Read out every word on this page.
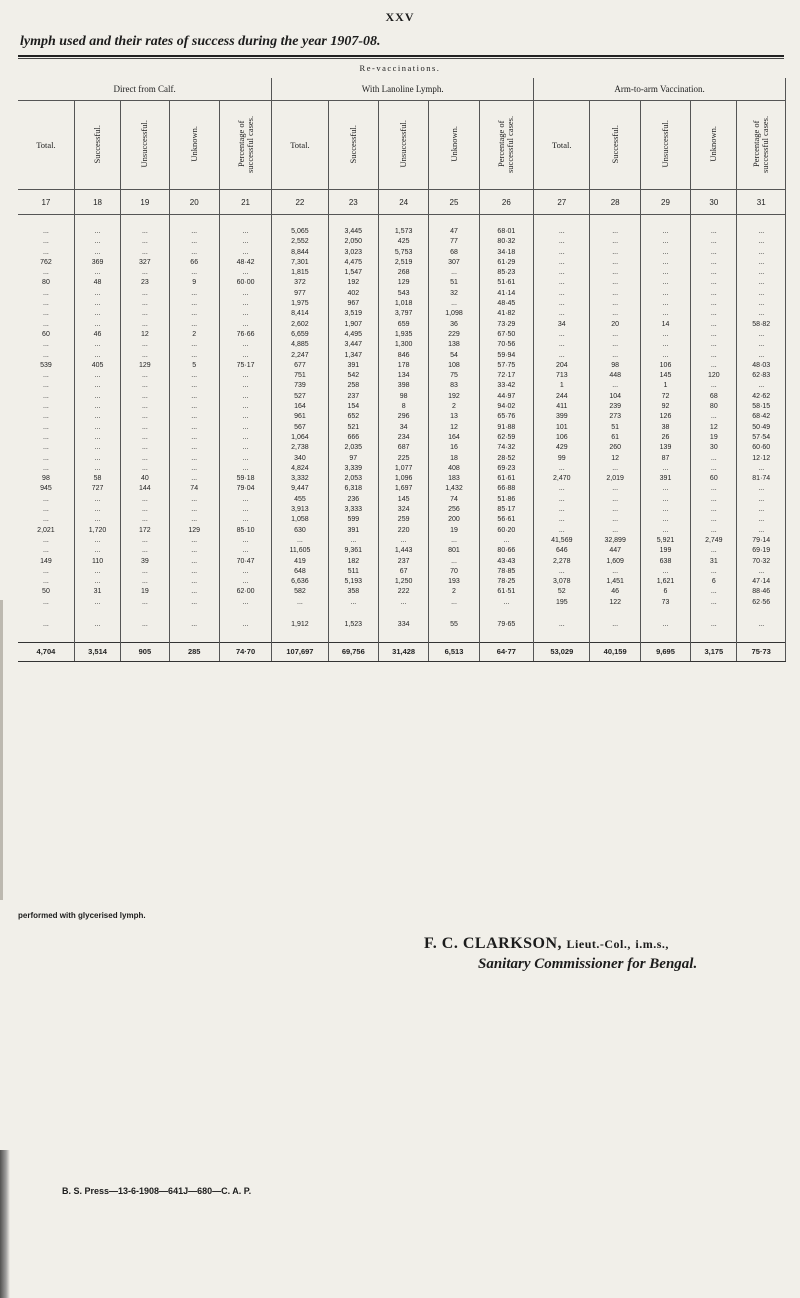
XXV
lymph used and their rates of success during the year 1907-08.
Re-vaccinations.
Direct from Calf.					With Lanoline Lymph.					Arm-to-arm Vaccination.				
Total.	Successful.	Unsuccessful.	Unknown.	Percentage of successful cases.	Total.	Successful.	Unsuccessful.	Unknown.	Percentage of successful cases.	Total.	Successful.	Unsuccessful.	Unknown.	Percentage of successful cases.
17	18	19	20	21	22	23	24	25	26	27	28	29	30	31

...	...	...	...	...	5,065	3,445	1,573	47	68·01	...	...	...	...	...
...	...	...	...	...	2,552	2,050	425	77	80·32	...	...	...	...	...
...	...	...	...	...	8,844	3,023	5,753	68	34·18	...	...	...	...	...
762	369	327	66	48·42	7,301	4,475	2,519	307	61·29	...	...	...	...	...
...	...	...	...	...	1,815	1,547	268	...	85·23	...	...	...	...	...
80	48	23	9	60·00	372	192	129	51	51·61	...	...	...	...	...
...	...	...	...	...	977	402	543	32	41·14	...	...	...	...	...
...	...	...	...	...	1,975	967	1,018	...	48·45	...	...	...	...	...
...	...	...	...	...	8,414	3,519	3,797	1,098	41·82	...	...	...	...	...
...	...	...	...	...	2,602	1,907	659	36	73·29	34	20	14	...	58·82
60	46	12	2	76·66	6,659	4,495	1,935	229	67·50	...	...	...	...	...
...	...	...	...	...	4,885	3,447	1,300	138	70·56	...	...	...	...	...
...	...	...	...	...	2,247	1,347	846	54	59·94	...	...	...	...	...
539	405	129	5	75·17	677	391	178	108	57·75	204	98	106	...	48·03
...	...	...	...	...	751	542	134	75	72·17	713	448	145	120	62·83
...	...	...	...	...	739	258	398	83	33·42	1	...	1	...	...
...	...	...	...	...	527	237	98	192	44·97	244	104	72	68	42·62
...	...	...	...	...	164	154	8	2	94·02	411	239	92	80	58·15
...	...	...	...	...	961	652	296	13	65·76	399	273	126	...	68·42
...	...	...	...	...	567	521	34	12	91·88	101	51	38	12	50·49
...	...	...	...	...	1,064	666	234	164	62·59	106	61	26	19	57·54
...	...	...	...	...	2,738	2,035	687	16	74·32	429	260	139	30	60·60
...	...	...	...	...	340	97	225	18	28·52	99	12	87	...	12·12
...	...	...	...	...	4,824	3,339	1,077	408	69·23	...	...	...	...	...
98	58	40	...	59·18	3,332	2,053	1,096	183	61·61	2,470	2,019	391	60	81·74
945	727	144	74	79·04	9,447	6,318	1,697	1,432	66·88	...	...	...	...	...
...	...	...	...	...	455	236	145	74	51·86	...	...	...	...	...
...	...	...	...	...	3,913	3,333	324	256	85·17	...	...	...	...	...
...	...	...	...	...	1,058	599	259	200	56·61	...	...	...	...	...
2,021	1,720	172	129	85·10	630	391	220	19	60·20	...	...	...	...	...
...	...	...	...	...	...	...	...	...	...	41,569	32,899	5,921	2,749	79·14
...	...	...	...	...	11,605	9,361	1,443	801	80·66	646	447	199	...	69·19
149	110	39	...	70·47	419	182	237	...	43·43	2,278	1,609	638	31	70·32
...	...	...	...	...	648	511	67	70	78·85	...	...	...	...	...
...	...	...	...	...	6,636	5,193	1,250	193	78·25	3,078	1,451	1,621	6	47·14
50	31	19	...	62·00	582	358	222	2	61·51	52	46	6	...	88·46
...	...	...	...	...	...	...	...	...	...	195	122	73	...	62·56

...	...	...	...	...	1,912	1,523	334	55	79·65	...	...	...	...	...

4,704	3,514	905	285	74·70	107,697	69,756	31,428	6,513	64·77	53,029	40,159	9,695	3,175	75·73
performed with glycerised lymph.
F. C. CLARKSON, Lieut.-Col., i.m.s.,
Sanitary Commissioner for Bengal.
B. S. Press—13-6-1908—641J—680—C. A. P.
